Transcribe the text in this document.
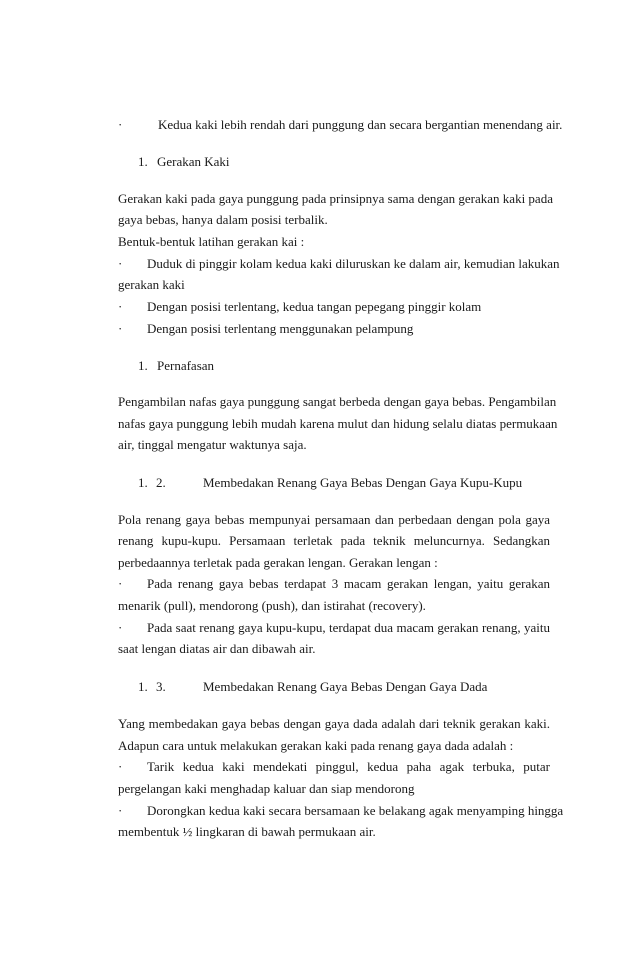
·	Kedua kaki lebih rendah dari punggung dan secara bergantian menendang air.
1. Gerakan Kaki
Gerakan kaki pada gaya punggung pada prinsipnya sama dengan gerakan kaki pada
gaya bebas, hanya dalam posisi terbalik.
Bentuk-bentuk latihan gerakan kai :
· Duduk di pinggir kolam kedua kaki diluruskan ke dalam air, kemudian lakukan
gerakan kaki
· Dengan posisi terlentang, kedua tangan pepegang pinggir kolam
· Dengan posisi terlentang menggunakan pelampung
1. Pernafasan
Pengambilan nafas gaya punggung sangat berbeda dengan gaya bebas. Pengambilan
nafas gaya punggung lebih mudah karena mulut dan hidung selalu diatas permukaan
air, tinggal mengatur waktunya saja.
1. 2.	Membedakan Renang Gaya Bebas Dengan Gaya Kupu-Kupu
Pola renang gaya bebas mempunyai persamaan dan perbedaan dengan pola gaya
renang kupu-kupu. Persamaan terletak pada teknik meluncurnya. Sedangkan
perbedaannya terletak pada gerakan lengan. Gerakan lengan :
· Pada renang gaya bebas terdapat 3 macam gerakan lengan, yaitu gerakan
menarik (pull), mendorong (push), dan istirahat (recovery).
· Pada saat renang gaya kupu-kupu, terdapat dua macam gerakan renang, yaitu
saat lengan diatas air dan dibawah air.
1. 3.	Membedakan Renang Gaya Bebas Dengan Gaya Dada
Yang membedakan gaya bebas dengan gaya dada adalah dari teknik gerakan kaki.
Adapun cara untuk melakukan gerakan kaki pada renang gaya dada adalah :
· Tarik kedua kaki mendekati pinggul, kedua paha agak terbuka, putar
pergelangan kaki menghadap kaluar dan siap mendorong
· Dorongkan kedua kaki secara bersamaan ke belakang agak menyamping hingga
membentuk ½ lingkaran di bawah permukaan air.
